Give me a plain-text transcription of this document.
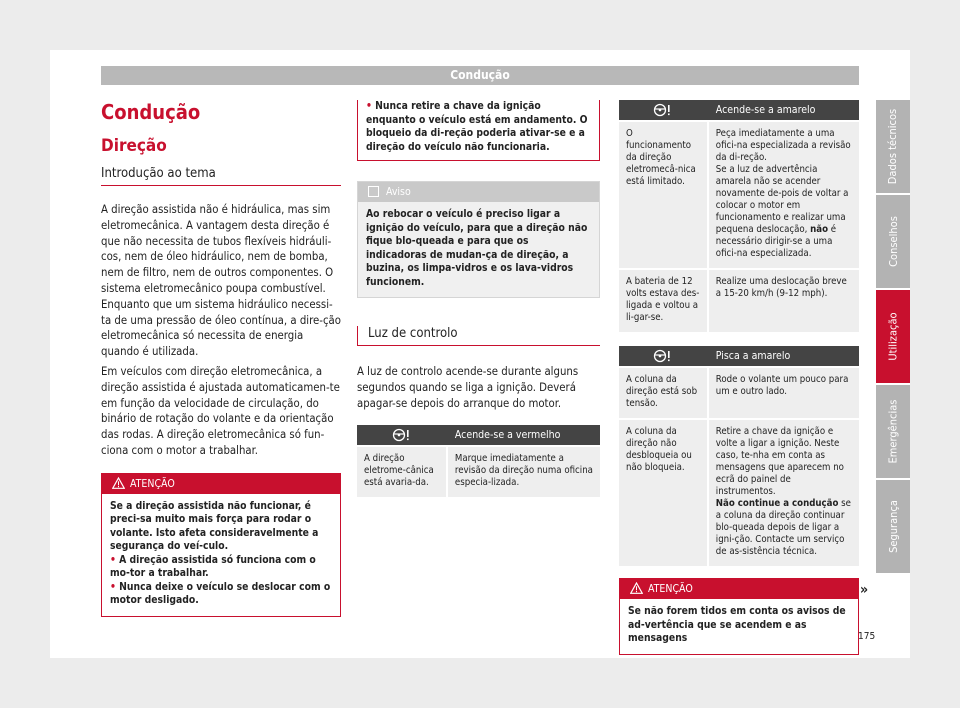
Condução
Condução
Direção
Introdução ao tema

A direção assistida não é hidráulica, mas sim eletromecânica. A vantagem desta direção é que não necessita de tubos flexíveis hidráuli-cos, nem de óleo hidráulico, nem de bomba, nem de filtro, nem de outros componentes. O sistema eletromecânico poupa combustível. Enquanto que um sistema hidráulico necessi-ta de uma pressão de óleo contínua, a dire-ção eletromecânica só necessita de energia quando é utilizada.

Em veículos com direção eletromecânica, a direção assistida é ajustada automaticamen-te em função da velocidade de circulação, do binário de rotação do volante e da orientação das rodas. A direção eletromecânica só fun-ciona com o motor a trabalhar.

ATENÇÃO
Se a direção assistida não funcionar, é preci-sa muito mais força para rodar o volante. Isto afeta consideravelmente a segurança do veí-culo.
• A direção assistida só funciona com o mo-tor a trabalhar.
• Nunca deixe o veículo se deslocar com o motor desligado.
• Nunca retire a chave da ignição enquanto o veículo está em andamento. O bloqueio da di-reção poderia ativar-se e a direção do veículo não funcionaria.
Aviso
Ao rebocar o veículo é preciso ligar a ignição do veículo, para que a direção não fique blo-queada e para que os indicadoras de mudan-ça de direção, a buzina, os limpa-vidros e os lava-vidros funcionem.
Luz de controlo

A luz de controlo acende-se durante alguns segundos quando se liga a ignição. Deverá apagar-se depois do arranque do motor.

	Acende-se a vermelho
A direção eletrome-cânica está avaria-da.	Marque imediatamente a revisão da direção numa oficina especia-lizada.
	Acende-se a amarelo
O funcionamento da direção eletromecâ-nica está limitado.	Peça imediatamente a uma ofici-na especializada a revisão da di-reção.
Se a luz de advertência amarela não se acender novamente de-pois de voltar a colocar o motor em funcionamento e realizar uma pequena deslocação, não é necessário dirigir-se a uma ofici-na especializada.
A bateria de 12 volts estava des-ligada e voltou a li-gar-se.	Realize uma deslocação breve a 15-20 km/h (9-12 mph).
	Pisca a amarelo
A coluna da direção está sob tensão.	Rode o volante um pouco para um e outro lado.
A coluna da direção não desbloqueia ou não bloqueia.	Retire a chave da ignição e volte a ligar a ignição. Neste caso, te-nha em conta as mensagens que aparecem no ecrã do painel de instrumentos.
Não continue a condução se a coluna da direção continuar blo-queada depois de ligar a igni-ção. Contacte um serviço de as-sistência técnica.
ATENÇÃO
Se não forem tidos em conta os avisos de ad-vertência que se acendem e as mensagens
»
Dados técnicos
Conselhos
Utilização
Emergências
Segurança
175
